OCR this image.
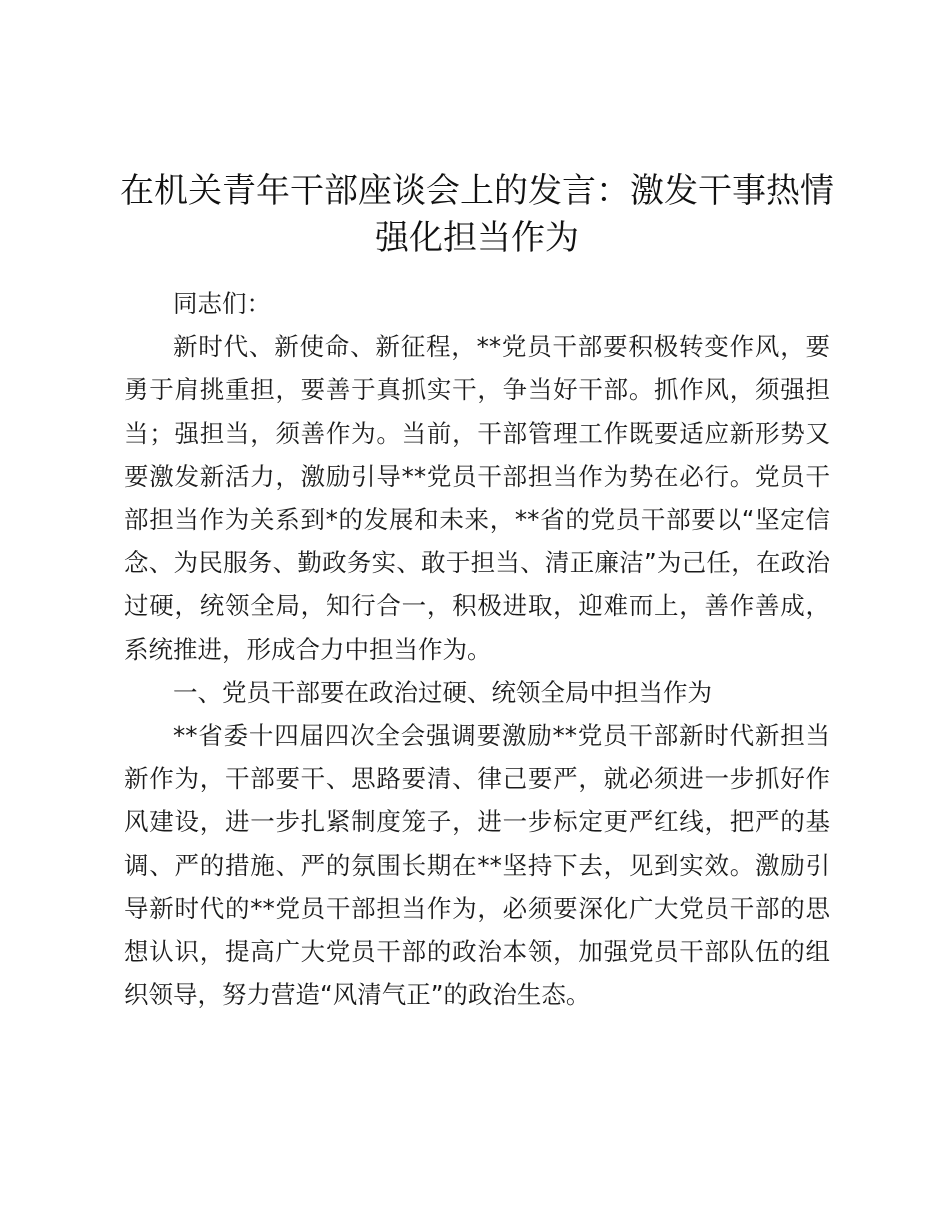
在机关青年干部座谈会上的发言：激发干事热情强化担当作为

同志们：

新时代、新使命、新征程，**党员干部要积极转变作风，要勇于肩挑重担，要善于真抓实干，争当好干部。抓作风，须强担当；强担当，须善作为。当前，干部管理工作既要适应新形势又要激发新活力，激励引导**党员干部担当作为势在必行。党员干部担当作为关系到*的发展和未来，**省的党员干部要以“坚定信念、为民服务、勤政务实、敢于担当、清正廉洁”为己任，在政治过硬，统领全局，知行合一，积极进取，迎难而上，善作善成，系统推进，形成合力中担当作为。

一、党员干部要在政治过硬、统领全局中担当作为

**省委十四届四次全会强调要激励**党员干部新时代新担当新作为，干部要干、思路要清、律己要严，就必须进一步抓好作风建设，进一步扎紧制度笼子，进一步标定更严红线，把严的基调、严的措施、严的氛围长期在**坚持下去，见到实效。激励引导新时代的**党员干部担当作为，必须要深化广大党员干部的思想认识，提高广大党员干部的政治本领，加强党员干部队伍的组织领导，努力营造“风清气正”的政治生态。
